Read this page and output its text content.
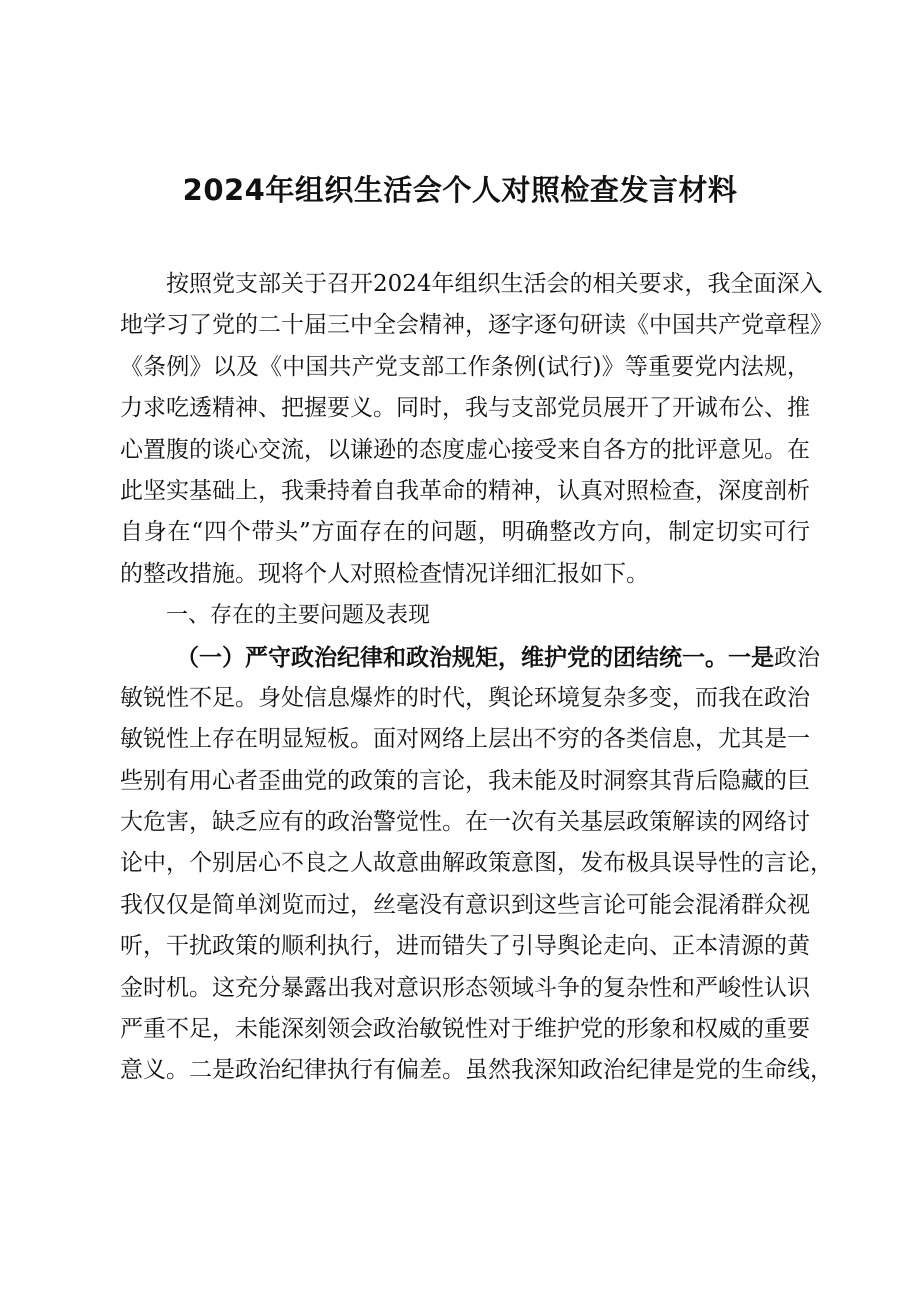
2024年组织生活会个人对照检查发言材料
按照党支部关于召开2024年组织生活会的相关要求，我全面深入
地学习了党的二十届三中全会精神，逐字逐句研读《中国共产党章程》
《条例》以及《中国共产党支部工作条例(试行)》等重要党内法规，
力求吃透精神、把握要义。同时，我与支部党员展开了开诚布公、推
心置腹的谈心交流，以谦逊的态度虚心接受来自各方的批评意见。在
此坚实基础上，我秉持着自我革命的精神，认真对照检查，深度剖析
自身在“四个带头”方面存在的问题，明确整改方向，制定切实可行
的整改措施。现将个人对照检查情况详细汇报如下。
一、存在的主要问题及表现
（一）严守政治纪律和政治规矩，维护党的团结统一。一是政治
敏锐性不足。身处信息爆炸的时代，舆论环境复杂多变，而我在政治
敏锐性上存在明显短板。面对网络上层出不穷的各类信息，尤其是一
些别有用心者歪曲党的政策的言论，我未能及时洞察其背后隐藏的巨
大危害，缺乏应有的政治警觉性。在一次有关基层政策解读的网络讨
论中，个别居心不良之人故意曲解政策意图，发布极具误导性的言论，
我仅仅是简单浏览而过，丝毫没有意识到这些言论可能会混淆群众视
听，干扰政策的顺利执行，进而错失了引导舆论走向、正本清源的黄
金时机。这充分暴露出我对意识形态领域斗争的复杂性和严峻性认识
严重不足，未能深刻领会政治敏锐性对于维护党的形象和权威的重要
意义。二是政治纪律执行有偏差。虽然我深知政治纪律是党的生命线，
